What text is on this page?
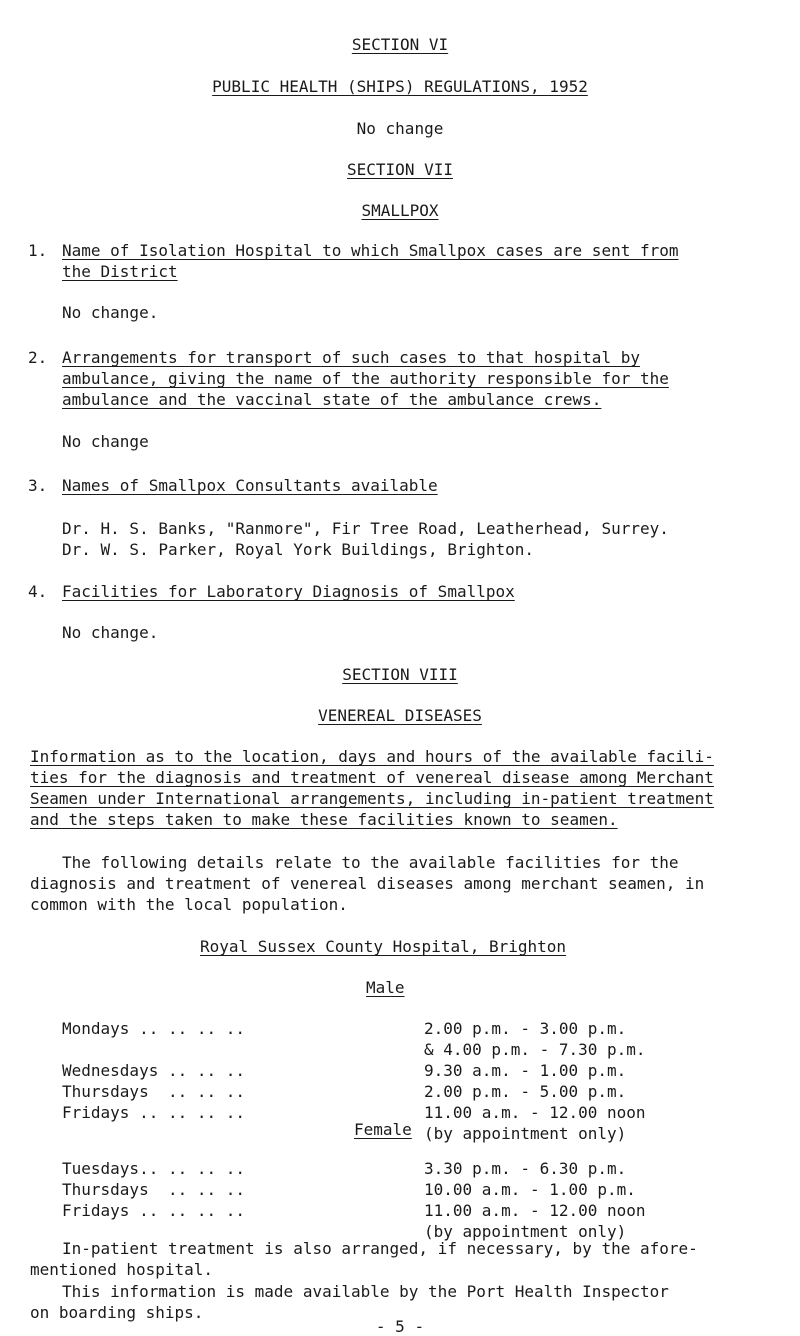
SECTION VI
PUBLIC HEALTH (SHIPS) REGULATIONS, 1952
No change
SECTION VII
SMALLPOX
1. Name of Isolation Hospital to which Smallpox cases are sent from
the District
No change.
2. Arrangements for transport of such cases to that hospital by
ambulance, giving the name of the authority responsible for the
ambulance and the vaccinal state of the ambulance crews.
No change
3. Names of Smallpox Consultants available
Dr. H. S. Banks, "Ranmore", Fir Tree Road, Leatherhead, Surrey.
Dr. W. S. Parker, Royal York Buildings, Brighton.
4. Facilities for Laboratory Diagnosis of Smallpox
No change.
SECTION VIII
VENEREAL DISEASES
Information as to the location, days and hours of the available facili-
ties for the diagnosis and treatment of venereal disease among Merchant
Seamen under International arrangements, including in-patient treatment
and the steps taken to make these facilities known to seamen.
The following details relate to the available facilities for the
diagnosis and treatment of venereal diseases among merchant seamen, in
common with the local population.
Royal Sussex County Hospital, Brighton
Male
Mondays .. .. .. ..	2.00 p.m. - 3.00 p.m.
& 4.00 p.m. - 7.30 p.m.
Wednesdays .. .. ..	9.30 a.m. - 1.00 p.m.
Thursdays  .. .. ..	2.00 p.m. - 5.00 p.m.
Fridays .. .. .. ..	11.00 a.m. - 12.00 noon
(by appointment only)
Female
Tuesdays.. .. .. ..	3.30 p.m. - 6.30 p.m.
Thursdays  .. .. ..	10.00 a.m. - 1.00 p.m.
Fridays .. .. .. ..	11.00 a.m. - 12.00 noon
(by appointment only)
- 5 -
In-patient treatment is also arranged, if necessary, by the afore-
mentioned hospital.
This information is made available by the Port Health Inspector
on boarding ships.
